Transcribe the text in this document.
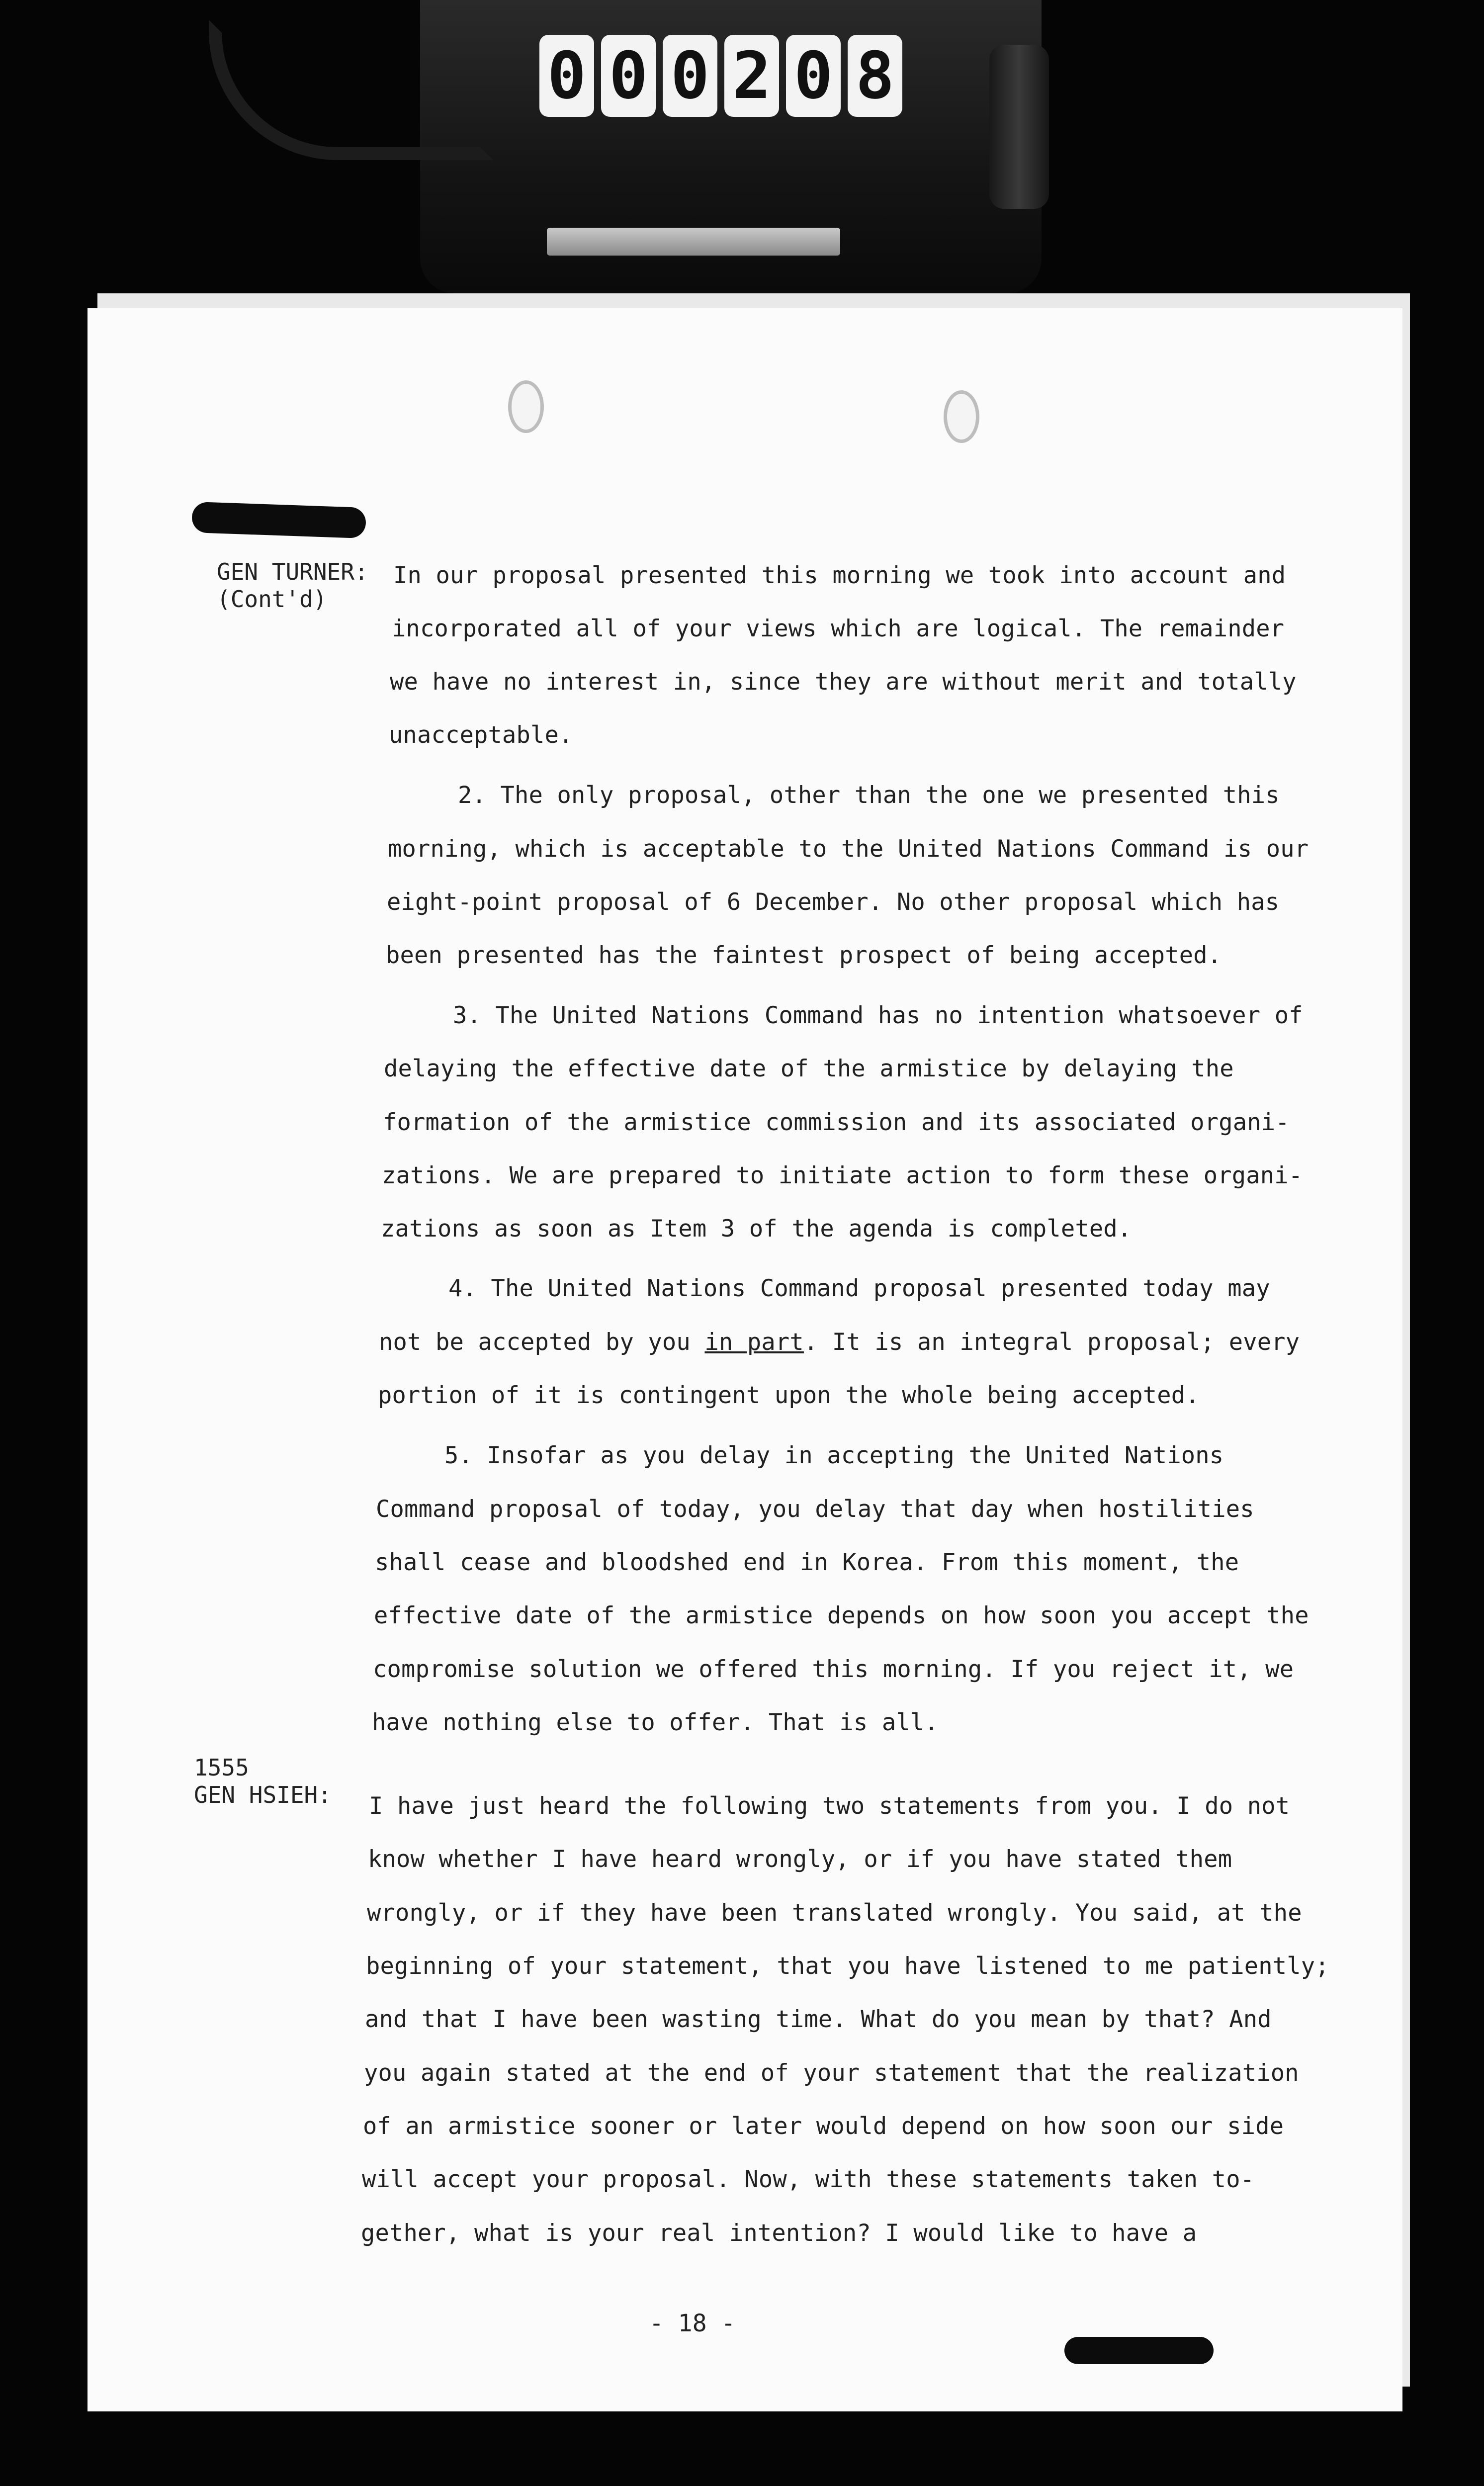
0 0 0 2 0 8
GEN TURNER:
(Cont'd)
In our proposal presented this morning we took into account and
incorporated all of your views which are logical. The remainder
we have no interest in, since they are without merit and totally
unacceptable.
2. The only proposal, other than the one we presented this
morning, which is acceptable to the United Nations Command is our
eight-point proposal of 6 December. No other proposal which has
been presented has the faintest prospect of being accepted.
3. The United Nations Command has no intention whatsoever of
delaying the effective date of the armistice by delaying the
formation of the armistice commission and its associated organi-
zations. We are prepared to initiate action to form these organi-
zations as soon as Item 3 of the agenda is completed.
4. The United Nations Command proposal presented today may
not be accepted by you in part. It is an integral proposal; every
portion of it is contingent upon the whole being accepted.
5. Insofar as you delay in accepting the United Nations
Command proposal of today, you delay that day when hostilities
shall cease and bloodshed end in Korea. From this moment, the
effective date of the armistice depends on how soon you accept the
compromise solution we offered this morning. If you reject it, we
have nothing else to offer. That is all.
1555
GEN HSIEH: I have just heard the following two statements from you. I do not
know whether I have heard wrongly, or if you have stated them
wrongly, or if they have been translated wrongly. You said, at the
beginning of your statement, that you have listened to me patiently;
and that I have been wasting time. What do you mean by that? And
you again stated at the end of your statement that the realization
of an armistice sooner or later would depend on how soon our side
will accept your proposal. Now, with these statements taken to-
gether, what is your real intention? I would like to have a
- 18 -
